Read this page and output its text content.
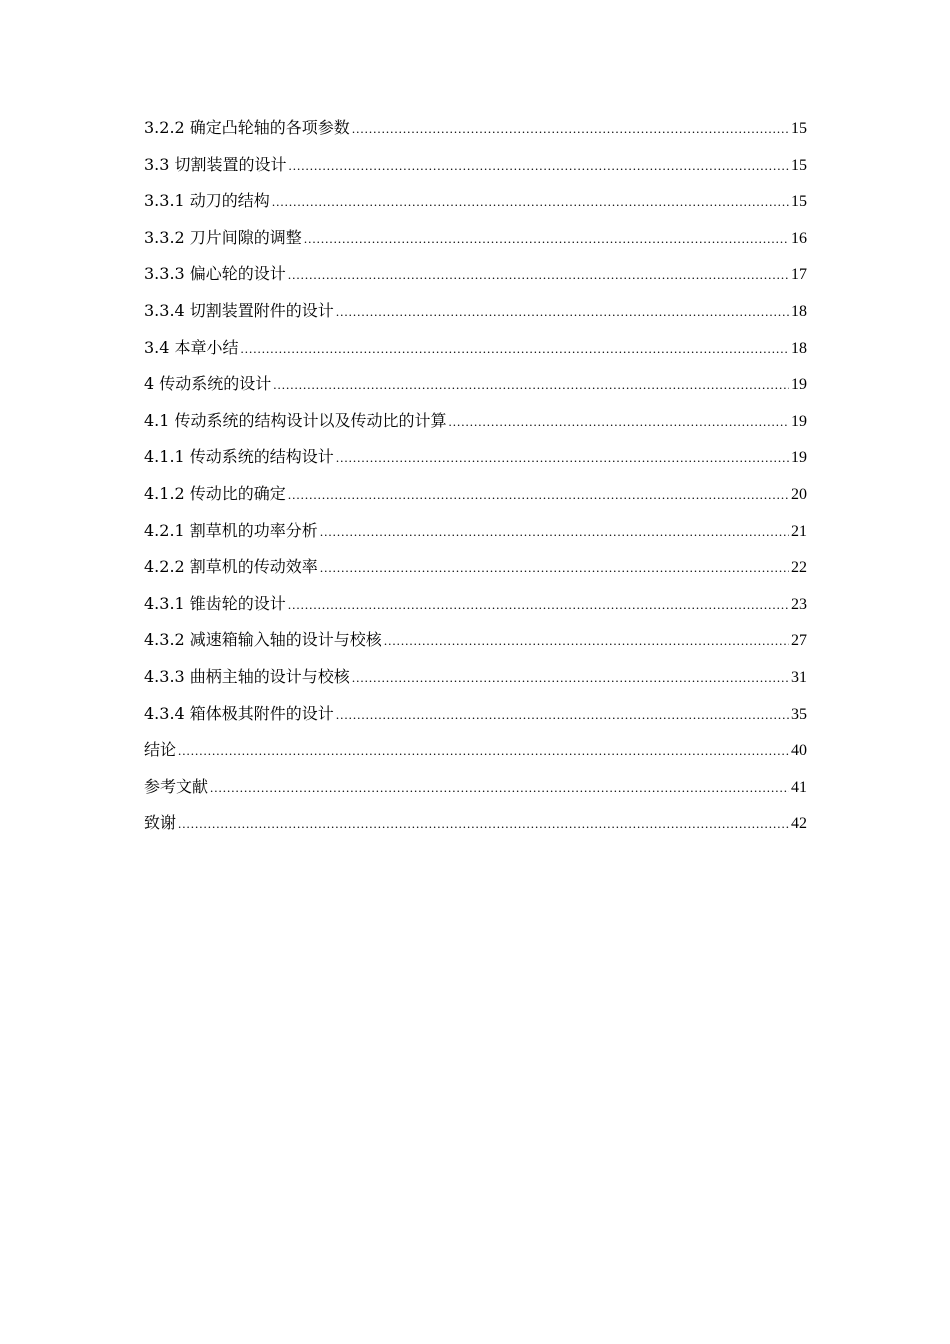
3.2.2 确定凸轮轴的各项参数 .....	15
3.3 切割装置的设计 .....	15
3.3.1 动刀的结构 .....	15
3.3.2 刀片间隙的调整 .....	16
3.3.3 偏心轮的设计 .....	17
3.3.4 切割装置附件的设计 .....	18
3.4 本章小结 .....	18
4 传动系统的设计 .....	19
4.1 传动系统的结构设计以及传动比的计算 .....	19
4.1.1 传动系统的结构设计 .....	19
4.1.2 传动比的确定 .....	20
4.2.1 割草机的功率分析 .....	21
4.2.2 割草机的传动效率 .....	22
4.3.1 锥齿轮的设计 .....	23
4.3.2 减速箱输入轴的设计与校核 .....	27
4.3.3 曲柄主轴的设计与校核 .....	31
4.3.4 箱体极其附件的设计 .....	35
结论 .....	40
参考文献 .....	41
致谢 .....	42
